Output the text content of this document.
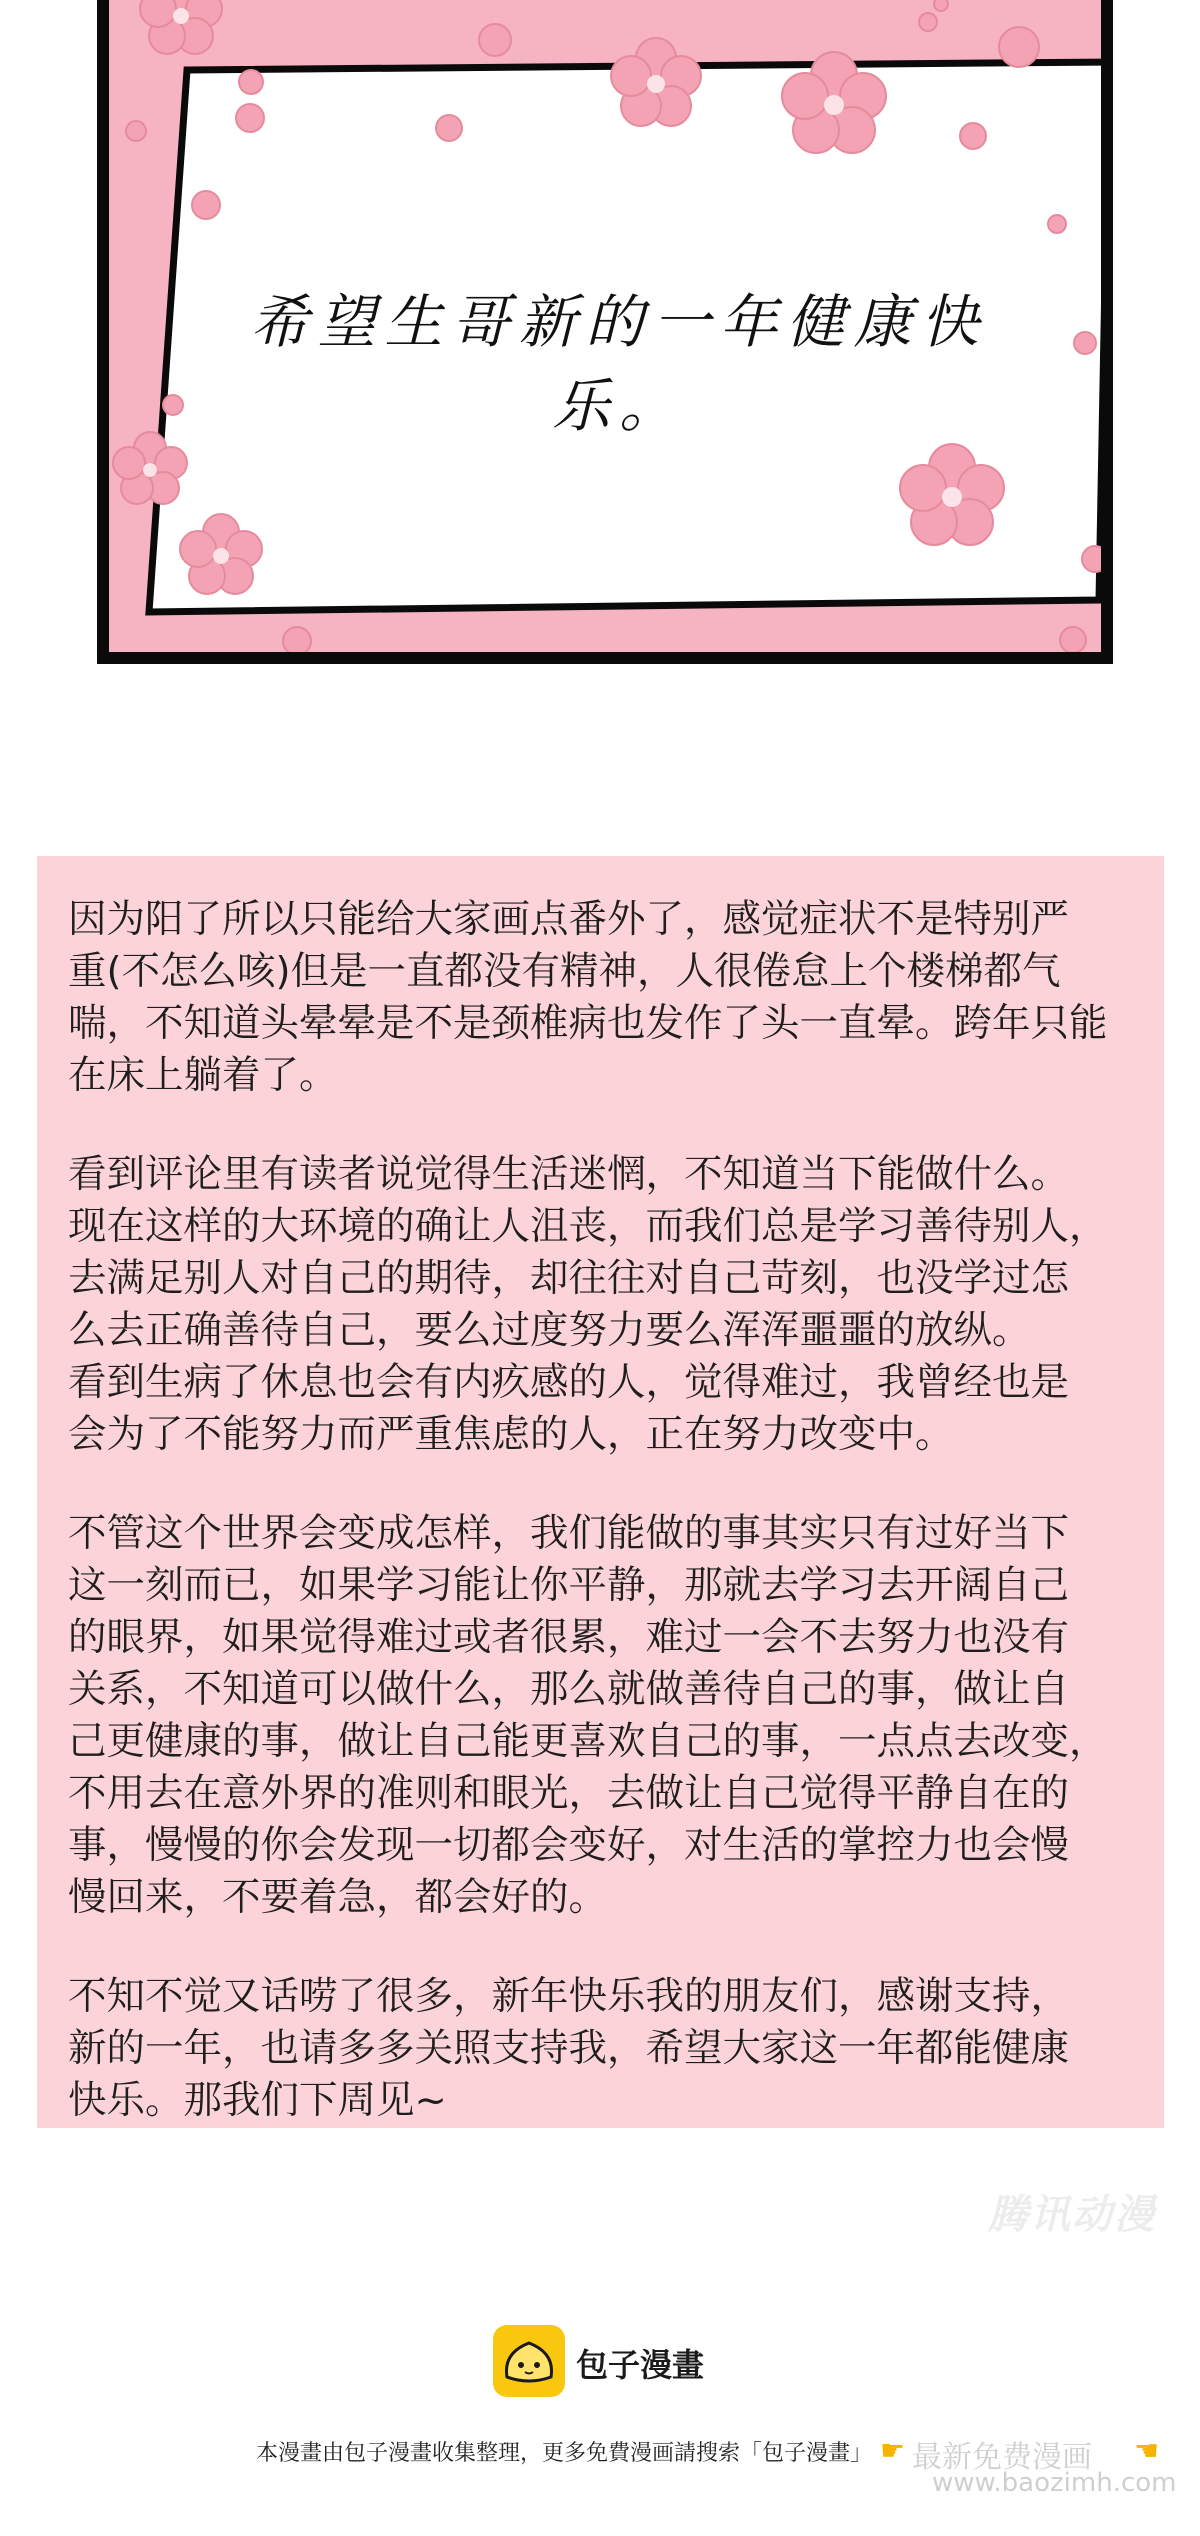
希望生哥新的一年健康快乐。

因为阳了所以只能给大家画点番外了，感觉症状不是特别严
重(不怎么咳)但是一直都没有精神，人很倦怠上个楼梯都气
喘，不知道头晕晕是不是颈椎病也发作了头一直晕。跨年只能
在床上躺着了。

看到评论里有读者说觉得生活迷惘，不知道当下能做什么。
现在这样的大环境的确让人沮丧，而我们总是学习善待别人，
去满足别人对自己的期待，却往往对自己苛刻，也没学过怎
么去正确善待自己，要么过度努力要么浑浑噩噩的放纵。
看到生病了休息也会有内疚感的人，觉得难过，我曾经也是
会为了不能努力而严重焦虑的人，正在努力改变中。

不管这个世界会变成怎样，我们能做的事其实只有过好当下
这一刻而已，如果学习能让你平静，那就去学习去开阔自己
的眼界，如果觉得难过或者很累，难过一会不去努力也没有
关系，不知道可以做什么，那么就做善待自己的事，做让自
己更健康的事，做让自己能更喜欢自己的事，一点点去改变，
不用去在意外界的准则和眼光，去做让自己觉得平静自在的
事，慢慢的你会发现一切都会变好，对生活的掌控力也会慢
慢回来，不要着急，都会好的。

不知不觉又话唠了很多，新年快乐我的朋友们，感谢支持，
新的一年，也请多多关照支持我，希望大家这一年都能健康
快乐。那我们下周见~

腾讯动漫
包子漫畫
本漫畫由包子漫畫收集整理，更多免費漫画請搜索「包子漫畫」 ☛ 最新免费漫画 ☚
www.baozimh.com
